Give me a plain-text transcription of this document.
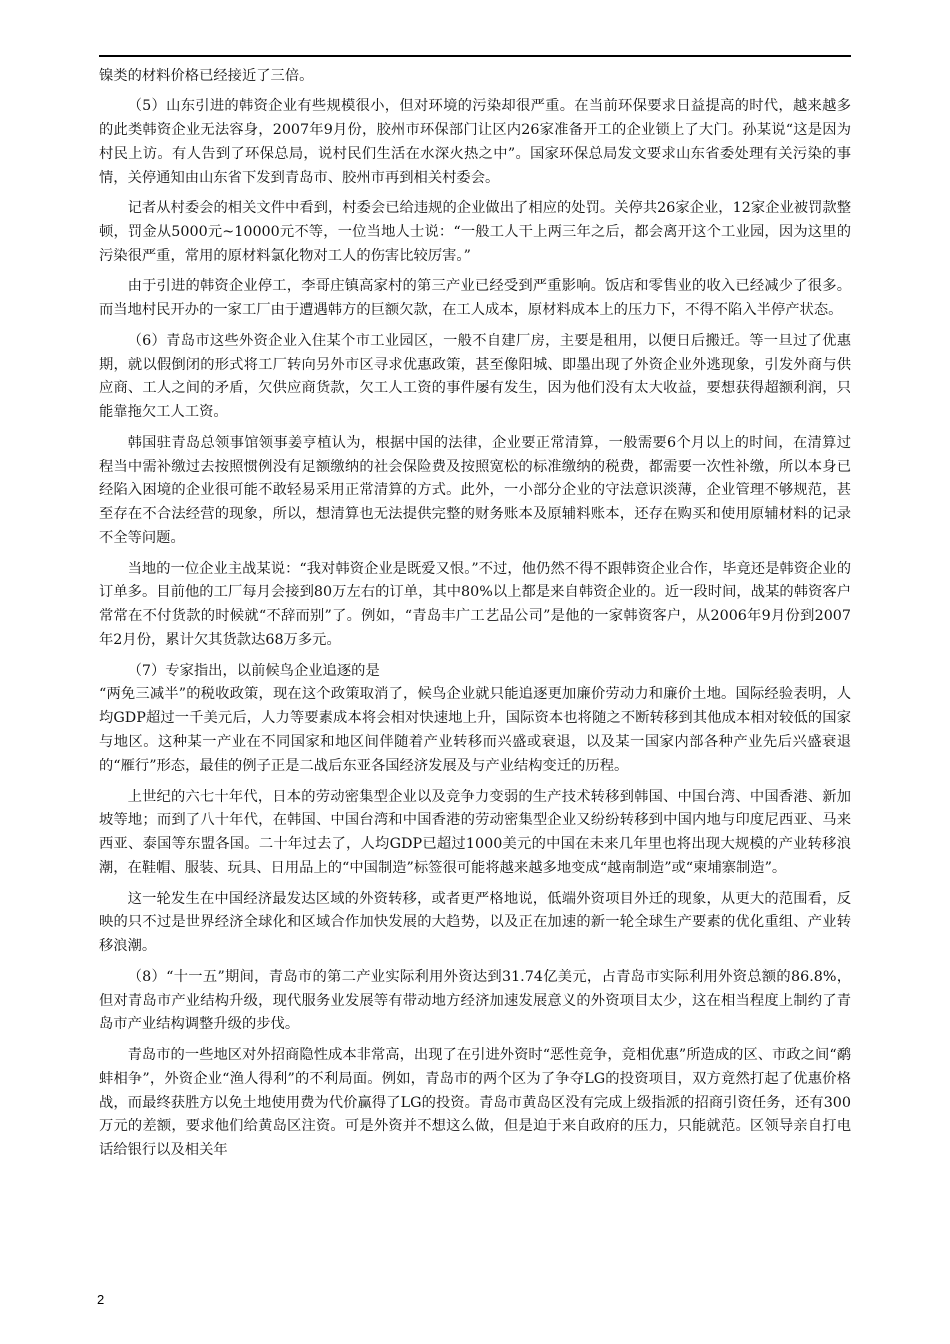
镍类的材料价格已经接近了三倍。

（5）山东引进的韩资企业有些规模很小，但对环境的污染却很严重。在当前环保要求日益提高的时代，越来越多的此类韩资企业无法容身，2007年9月份，胶州市环保部门让区内26家准备开工的企业锁上了大门。孙某说“这是因为村民上访。有人告到了环保总局，说村民们生活在水深火热之中”。国家环保总局发文要求山东省委处理有关污染的事情，关停通知由山东省下发到青岛市、胶州市再到相关村委会。

记者从村委会的相关文件中看到，村委会已给违规的企业做出了相应的处罚。关停共26家企业，12家企业被罚款整顿，罚金从5000元~10000元不等，一位当地人士说：“一般工人干上两三年之后，都会离开这个工业园，因为这里的污染很严重，常用的原材料氯化物对工人的伤害比较厉害。”

由于引进的韩资企业停工，李哥庄镇高家村的第三产业已经受到严重影响。饭店和零售业的收入已经减少了很多。而当地村民开办的一家工厂由于遭遇韩方的巨额欠款，在工人成本，原材料成本上的压力下，不得不陷入半停产状态。

（6）青岛市这些外资企业入住某个市工业园区，一般不自建厂房，主要是租用，以便日后搬迁。等一旦过了优惠期，就以假倒闭的形式将工厂转向另外市区寻求优惠政策，甚至像阳城、即墨出现了外资企业外逃现象，引发外商与供应商、工人之间的矛盾，欠供应商货款，欠工人工资的事件屡有发生，因为他们没有太大收益，要想获得超额利润，只能靠拖欠工人工资。

韩国驻青岛总领事馆领事姜亨植认为，根据中国的法律，企业要正常清算，一般需要6个月以上的时间，在清算过程当中需补缴过去按照惯例没有足额缴纳的社会保险费及按照宽松的标准缴纳的税费，都需要一次性补缴，所以本身已经陷入困境的企业很可能不敢轻易采用正常清算的方式。此外，一小部分企业的守法意识淡薄，企业管理不够规范，甚至存在不合法经营的现象，所以，想清算也无法提供完整的财务账本及原辅料账本，还存在购买和使用原辅材料的记录不全等问题。

当地的一位企业主战某说：“我对韩资企业是既爱又恨。”不过，他仍然不得不跟韩资企业合作，毕竟还是韩资企业的订单多。目前他的工厂每月会接到80万左右的订单，其中80%以上都是来自韩资企业的。近一段时间，战某的韩资客户常常在不付货款的时候就“不辞而别”了。例如，“青岛丰广工艺品公司”是他的一家韩资客户，从2006年9月份到2007年2月份，累计欠其货款达68万多元。

（7）专家指出，以前候鸟企业追逐的是

“两免三减半”的税收政策，现在这个政策取消了，候鸟企业就只能追逐更加廉价劳动力和廉价土地。国际经验表明，人均GDP超过一千美元后，人力等要素成本将会相对快速地上升，国际资本也将随之不断转移到其他成本相对较低的国家与地区。这种某一产业在不同国家和地区间伴随着产业转移而兴盛或衰退，以及某一国家内部各种产业先后兴盛衰退的“雁行”形态，最佳的例子正是二战后东亚各国经济发展及与产业结构变迁的历程。

上世纪的六七十年代，日本的劳动密集型企业以及竞争力变弱的生产技术转移到韩国、中国台湾、中国香港、新加坡等地；而到了八十年代，在韩国、中国台湾和中国香港的劳动密集型企业又纷纷转移到中国内地与印度尼西亚、马来西亚、泰国等东盟各国。二十年过去了，人均GDP已超过1000美元的中国在未来几年里也将出现大规模的产业转移浪潮，在鞋帽、服装、玩具、日用品上的“中国制造”标签很可能将越来越多地变成“越南制造”或“柬埔寨制造”。

这一轮发生在中国经济最发达区域的外资转移，或者更严格地说，低端外资项目外迁的现象，从更大的范围看，反映的只不过是世界经济全球化和区域合作加快发展的大趋势，以及正在加速的新一轮全球生产要素的优化重组、产业转移浪潮。

（8）“十一五”期间，青岛市的第二产业实际利用外资达到31.74亿美元，占青岛市实际利用外资总额的86.8%，但对青岛市产业结构升级，现代服务业发展等有带动地方经济加速发展意义的外资项目太少，这在相当程度上制约了青岛市产业结构调整升级的步伐。

青岛市的一些地区对外招商隐性成本非常高，出现了在引进外资时“恶性竞争，竞相优惠”所造成的区、市政之间“鹬蚌相争”，外资企业“渔人得利”的不利局面。例如，青岛市的两个区为了争夺LG的投资项目，双方竟然打起了优惠价格战，而最终获胜方以免土地使用费为代价赢得了LG的投资。青岛市黄岛区没有完成上级指派的招商引资任务，还有300万元的差额，要求他们给黄岛区注资。可是外资并不想这么做，但是迫于来自政府的压力，只能就范。区领导亲自打电话给银行以及相关年

2
